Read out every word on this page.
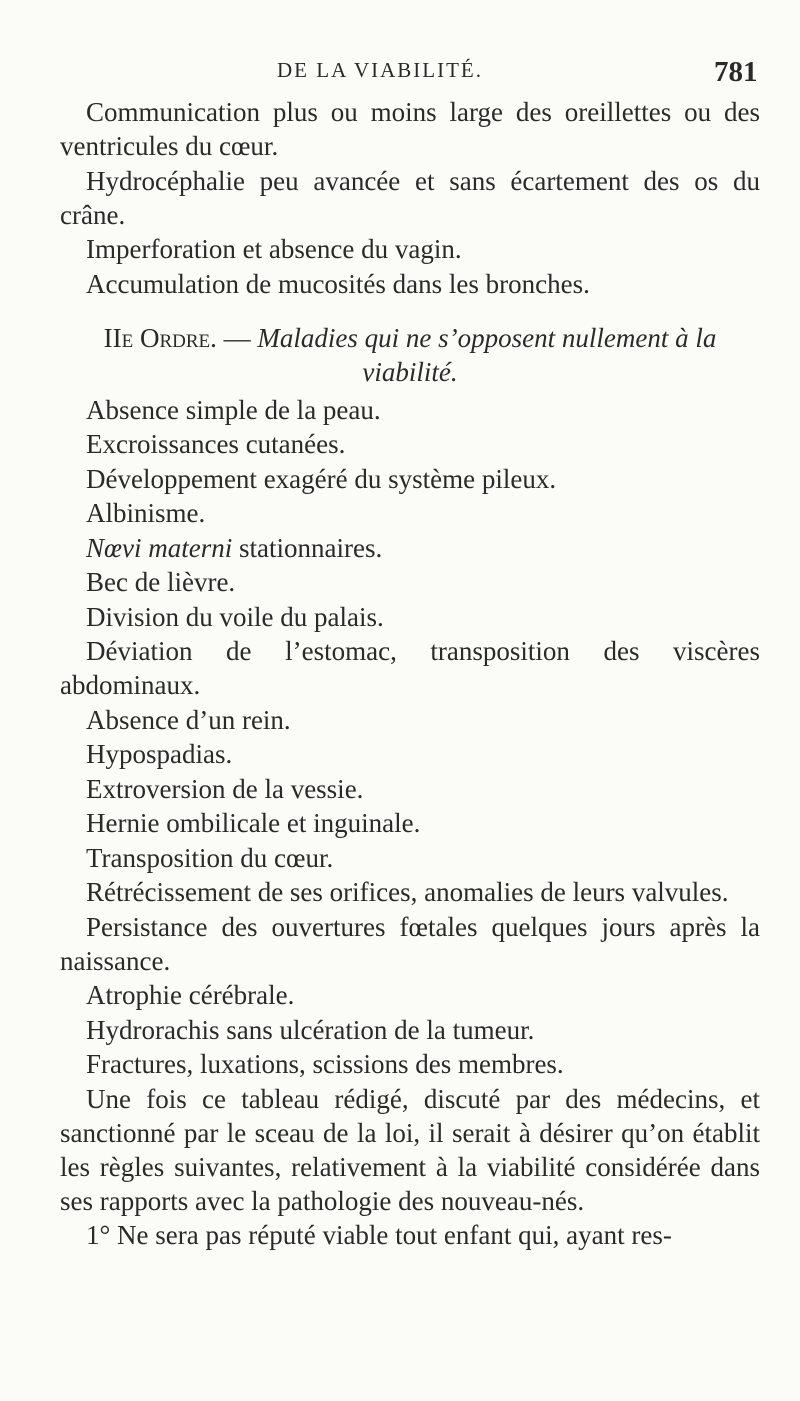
DE LA VIABILITÉ.	781

Communication plus ou moins large des oreillettes ou des ventricules du cœur.

Hydrocéphalie peu avancée et sans écartement des os du crâne.

Imperforation et absence du vagin.

Accumulation de mucosités dans les bronches.

IIe Ordre. — Maladies qui ne s’opposent nullement à la viabilité.

Absence simple de la peau.

Excroissances cutanées.

Développement exagéré du système pileux.

Albinisme.

Nœvi materni stationnaires.

Bec de lièvre.

Division du voile du palais.

Déviation de l’estomac, transposition des viscères abdominaux.

Absence d’un rein.

Hypospadias.

Extroversion de la vessie.

Hernie ombilicale et inguinale.

Transposition du cœur.

Rétrécissement de ses orifices, anomalies de leurs valvules.

Persistance des ouvertures fœtales quelques jours après la naissance.

Atrophie cérébrale.

Hydrorachis sans ulcération de la tumeur.

Fractures, luxations, scissions des membres.

Une fois ce tableau rédigé, discuté par des médecins, et sanctionné par le sceau de la loi, il serait à désirer qu’on établit les règles suivantes, relativement à la viabilité considérée dans ses rapports avec la pathologie des nouveau-nés.

1° Ne sera pas réputé viable tout enfant qui, ayant res-
